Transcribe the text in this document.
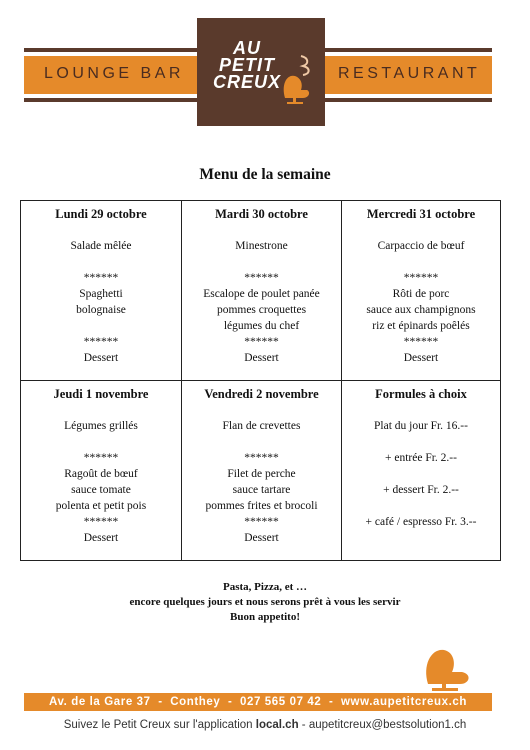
LOUNGE BAR	RESTAURANT
AU
PETIT
CREUX
Menu de la semaine
Lundi 29 octobre
Salade mêlée
******
Spaghetti
bolognaise
******
Dessert
Mardi 30 octobre
Minestrone
******
Escalope de poulet panée
pommes croquettes
légumes du chef
******
Dessert
Mercredi 31 octobre
Carpaccio de bœuf
******
Rôti de porc
sauce aux champignons
riz et épinards poêlés
******
Dessert
Jeudi 1 novembre
Légumes grillés
******
Ragoût de bœuf
sauce tomate
polenta et petit pois
******
Dessert
Vendredi 2 novembre
Flan de crevettes
******
Filet de perche
sauce tartare
pommes frites et brocoli
******
Dessert
Formules à choix
Plat du jour Fr. 16.--
+ entrée Fr. 2.--
+ dessert Fr. 2.--
+ café / espresso Fr. 3.--
Pasta, Pizza, et …
encore quelques jours et nous serons prêt à vous les servir
Buon appetito!
Av. de la Gare 37  -  Conthey  -  027 565 07 42  -  www.aupetitcreux.ch
Suivez le Petit Creux sur l'application local.ch - aupetitcreux@bestsolution1.ch
